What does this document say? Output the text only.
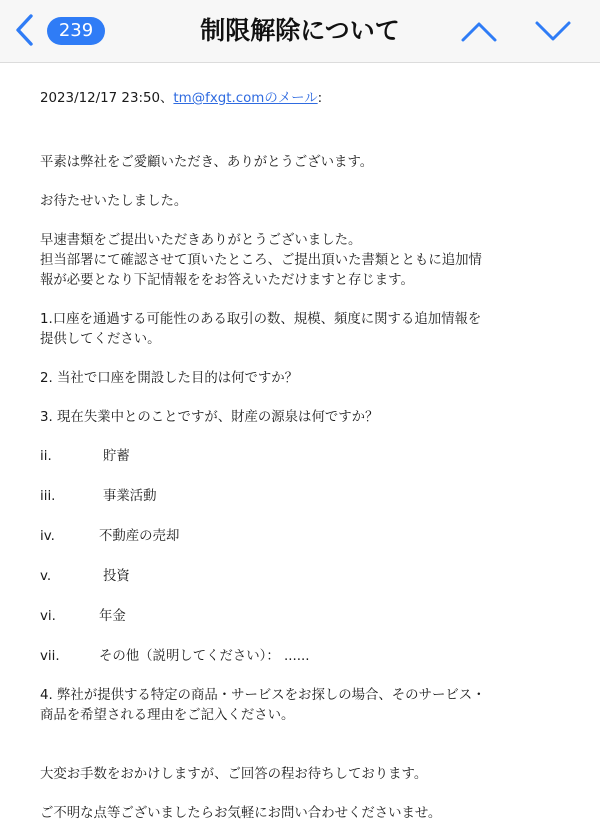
239	制限解除について

2023/12/17 23:50、tm@fxgt.comのメール:

平素は弊社をご愛顧いただき、ありがとうございます。

お待たせいたしました。

早速書類をご提出いただきありがとうございました。

担当部署にて確認させて頂いたところ、ご提出頂いた書類とともに追加情

報が必要となり下記情報ををお答えいただけますと存じます。

1.口座を通過する可能性のある取引の数、規模、頻度に関する追加情報を

提供してください。

2. 当社で口座を開設した目的は何ですか？

3. 現在失業中とのことですが、財産の源泉は何ですか？

ii.	貯蓄
iii.	事業活動
iv.	不動産の売却
v.	投資
vi.	年金
vii.	その他（説明してください）： ......

4. 弊社が提供する特定の商品・サービスをお探しの場合、そのサービス・

商品を希望される理由をご記入ください。

大変お手数をおかけしますが、ご回答の程お待ちしております。

ご不明な点等ございましたらお気軽にお問い合わせくださいませ。
